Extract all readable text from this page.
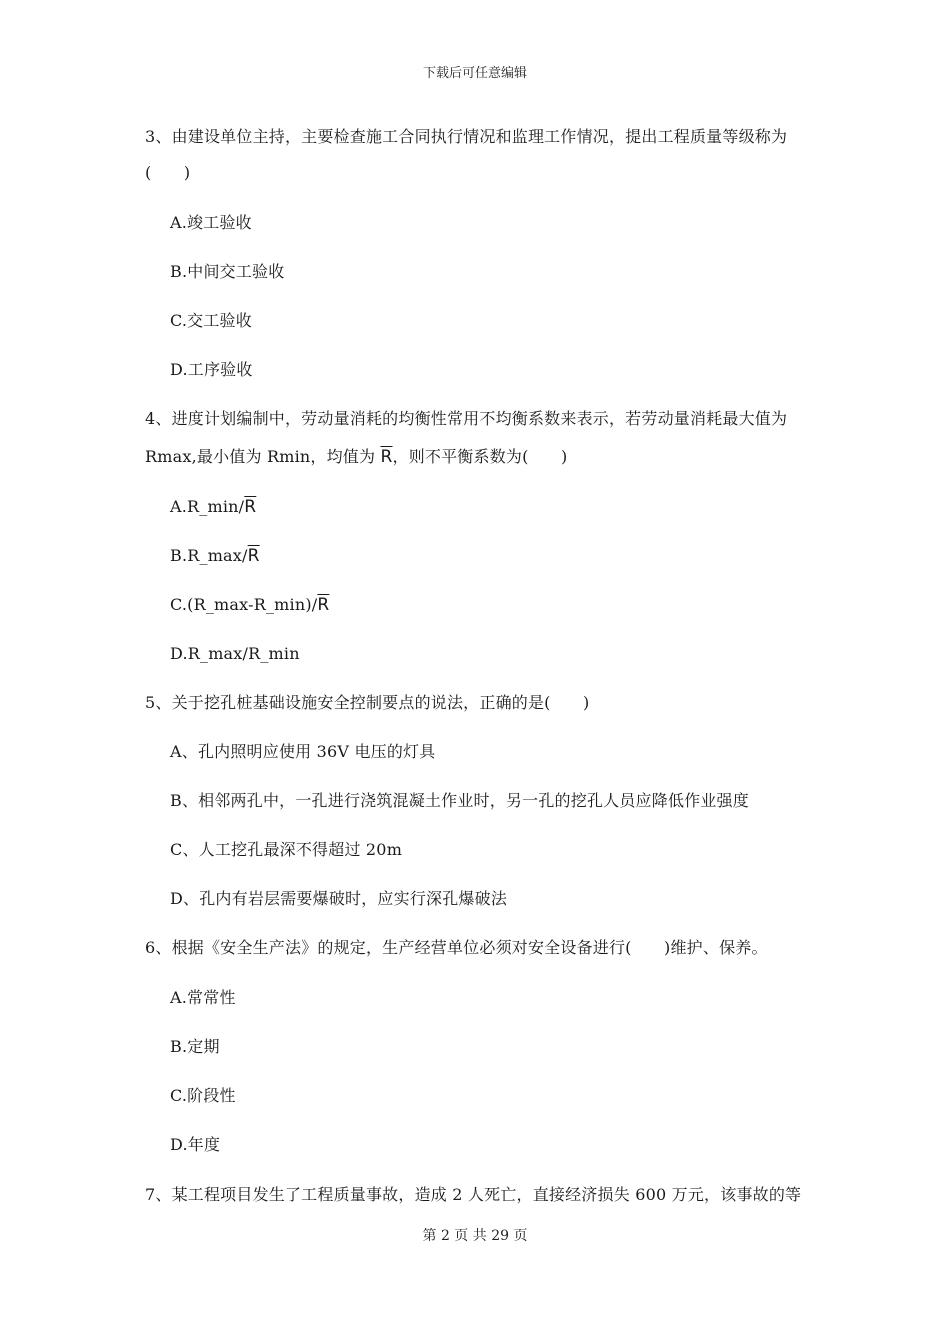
下载后可任意编辑
3、由建设单位主持，主要检查施工合同执行情况和监理工作情况，提出工程质量等级称为
(　　)
A.竣工验收
B.中间交工验收
C.交工验收
D.工序验收
4、进度计划编制中，劳动量消耗的均衡性常用不均衡系数来表示，若劳动量消耗最大值为
Rmax,最小值为 Rmin，均值为 $\overline{R}$，则不平衡系数为(　　)
$A.R\_\min/\overline{R}$
$B.R\_\max/\overline{R}$
$C.(R\_\max-R\_\min)/\overline{R}$
D.R_max/R_min
5、关于挖孔桩基础设施安全控制要点的说法，正确的是(　　)
A、孔内照明应使用 36V 电压的灯具
B、相邻两孔中，一孔进行浇筑混凝土作业时，另一孔的挖孔人员应降低作业强度
C、人工挖孔最深不得超过 20m
D、孔内有岩层需要爆破时，应实行深孔爆破法
6、根据《安全生产法》的规定，生产经营单位必须对安全设备进行(　　)维护、保养。
A.常常性
B.定期
C.阶段性
D.年度
7、某工程项目发生了工程质量事故，造成 2 人死亡，直接经济损失 600 万元，该事故的等
第 2 页 共 29 页
